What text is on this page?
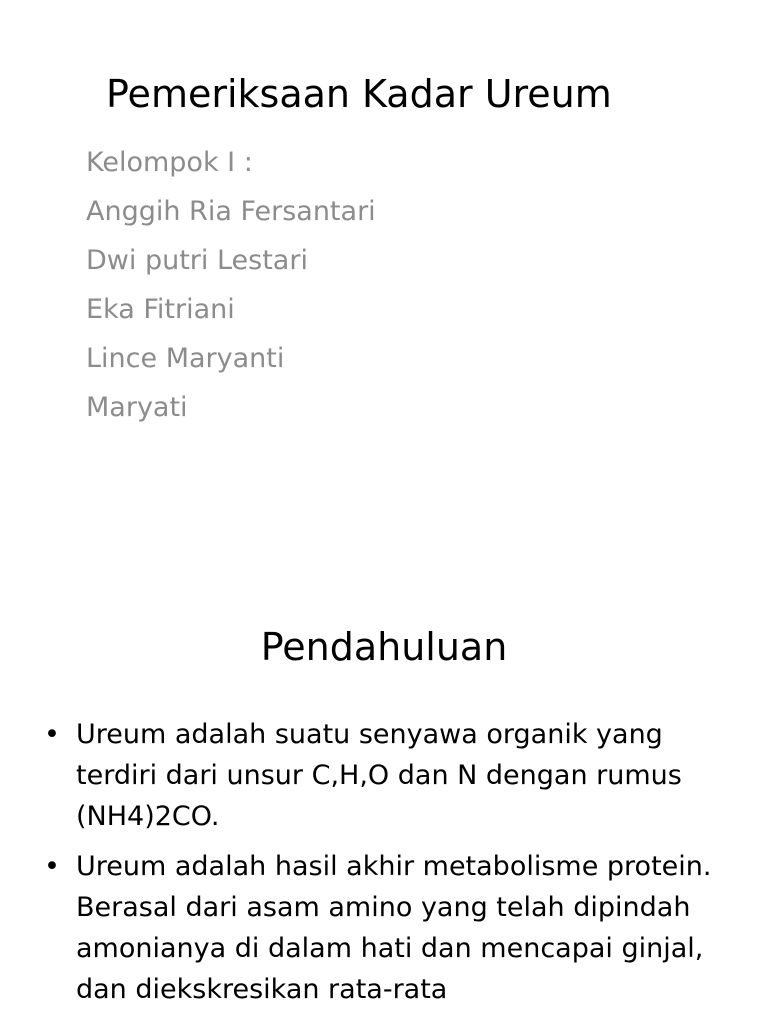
Pemeriksaan Kadar Ureum
Kelompok I :
Anggih Ria Fersantari
Dwi putri Lestari
Eka Fitriani
Lince Maryanti
Maryati
Pendahuluan
• Ureum adalah suatu senyawa organik yang terdiri dari unsur C,H,O dan N dengan rumus (NH4)2CO.
• Ureum adalah hasil akhir metabolisme protein. Berasal dari asam amino yang telah dipindah amonianya di dalam hati dan mencapai ginjal, dan diekskresikan rata-rata
